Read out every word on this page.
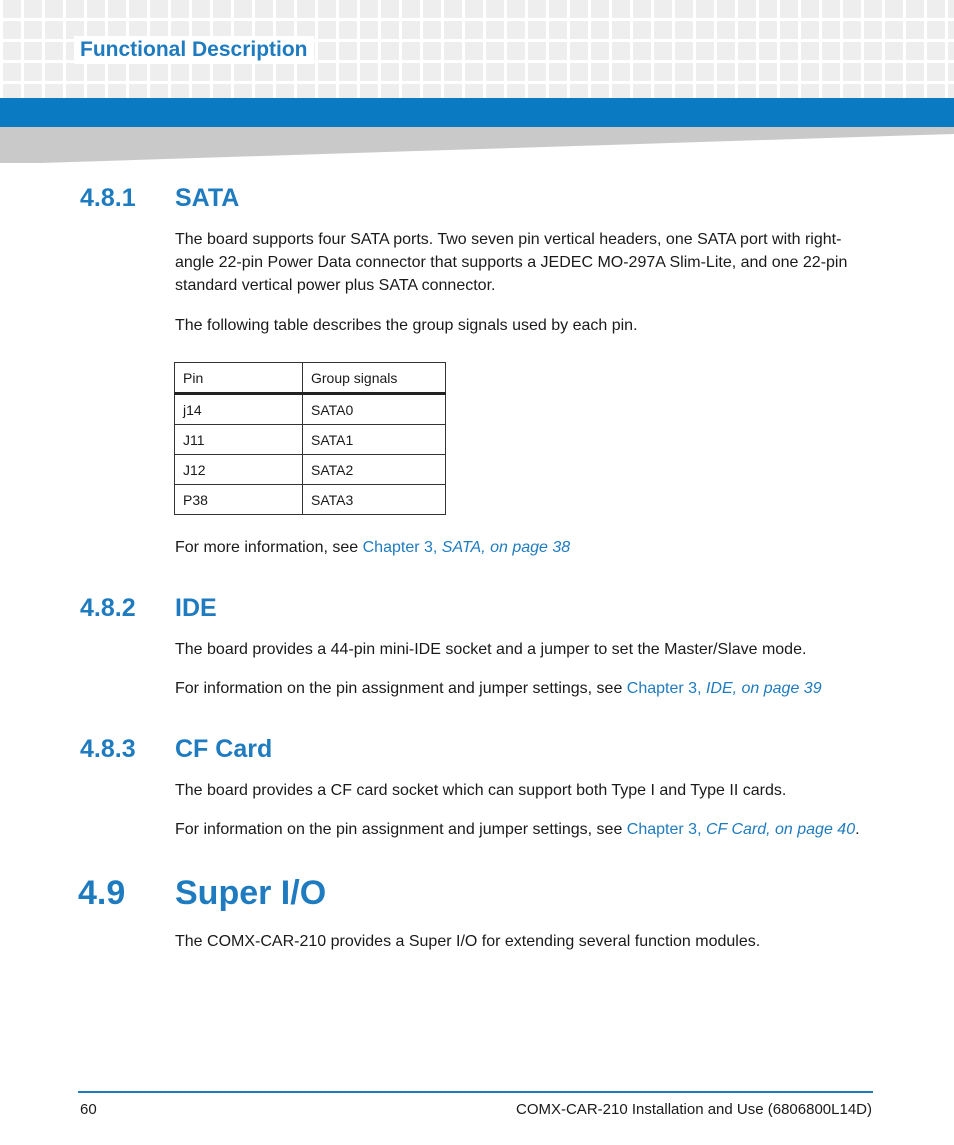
Functional Description
4.8.1 SATA
The board supports four SATA ports. Two seven pin vertical headers, one SATA port with right-angle 22-pin Power Data connector that supports a JEDEC MO-297A Slim-Lite, and one 22-pin standard vertical power plus SATA connector.
The following table describes the group signals used by each pin.
Pin	Group signals
j14	SATA0
J11	SATA1
J12	SATA2
P38	SATA3
For more information, see Chapter 3, SATA, on page 38
4.8.2 IDE
The board provides a 44-pin mini-IDE socket and a jumper to set the Master/Slave mode.
For information on the pin assignment and jumper settings, see Chapter 3, IDE, on page 39
4.8.3 CF Card
The board provides a CF card socket which can support both Type I and Type II cards.
For information on the pin assignment and jumper settings, see Chapter 3, CF Card, on page 40.
4.9 Super I/O
The COMX-CAR-210 provides a Super I/O for extending several function modules.
60	COMX-CAR-210 Installation and Use (6806800L14D)
